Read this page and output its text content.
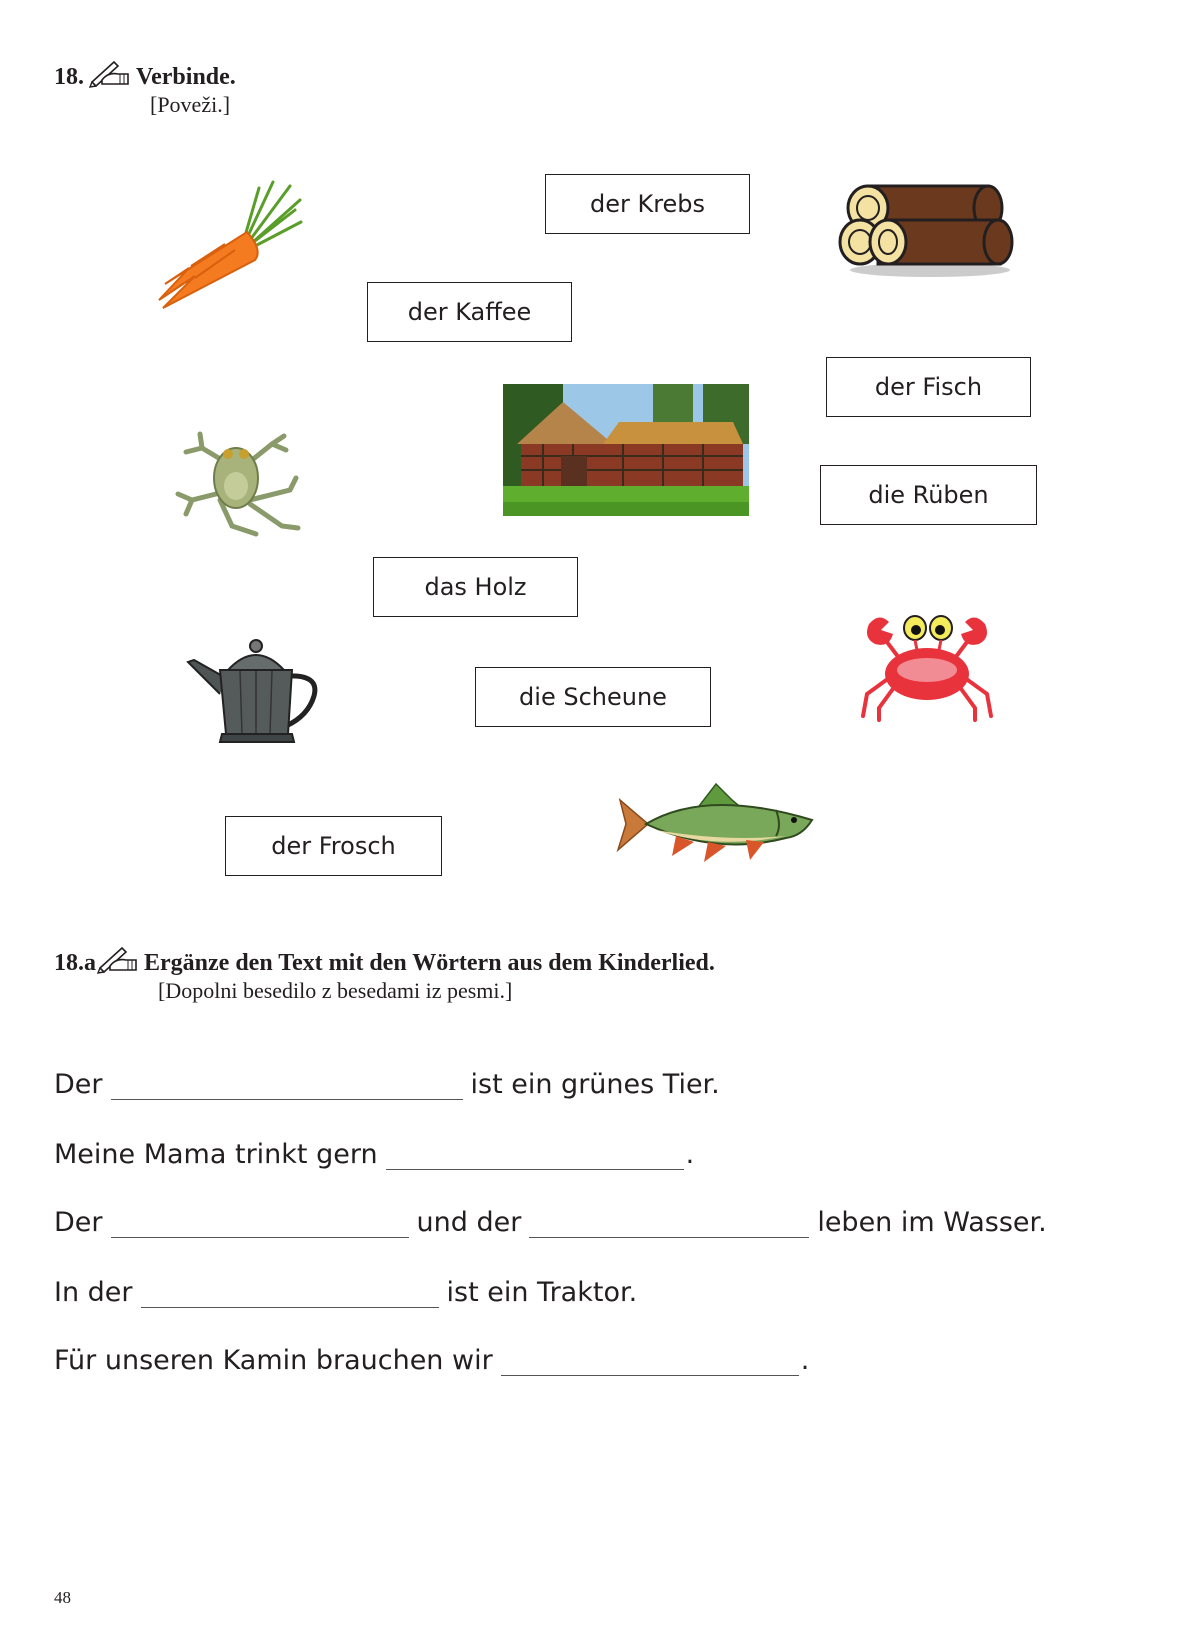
18. Verbinde.
[Poveži.]
der Krebs
der Kaffee
der Fisch
die Rüben
das Holz
die Scheune
der Frosch
18.a Ergänze den Text mit den Wörtern aus dem Kinderlied.
[Dopolni besedilo z besedami iz pesmi.]
Der	ist ein grünes Tier.
Meine Mama trinkt gern	.
Der	und der	leben im Wasser.
In der	ist ein Traktor.
Für unseren Kamin brauchen wir	.
48
